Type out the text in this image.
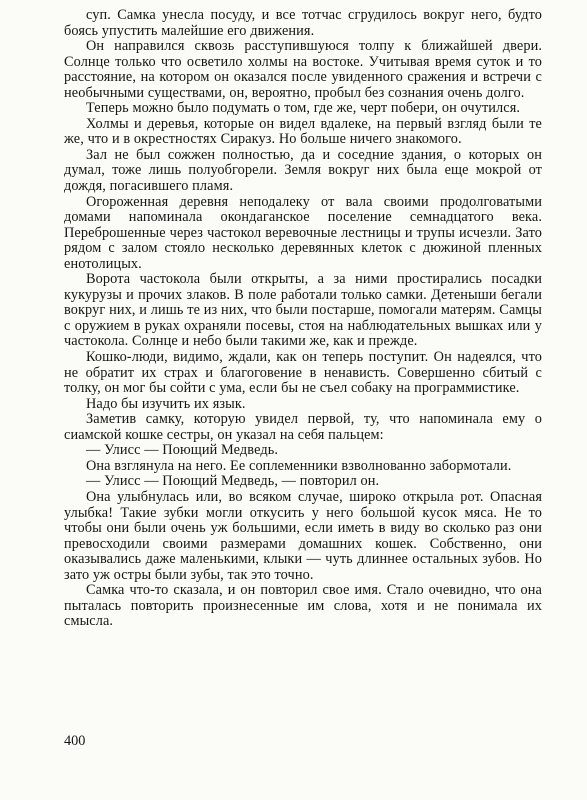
суп. Самка унесла посуду, и все тотчас сгрудилось вокруг него, будто боясь упустить малейшие его движения.

Он направился сквозь расступившуюся толпу к ближайшей двери. Солнце только что осветило холмы на востоке. Учитывая время суток и то расстояние, на котором он оказался после увиденного сражения и встречи с необычными существами, он, вероятно, пробыл без сознания очень долго.

Теперь можно было подумать о том, где же, черт побери, он очутился.

Холмы и деревья, которые он видел вдалеке, на первый взгляд были те же, что и в окрестностях Сиракуз. Но больше ничего знакомого.

Зал не был сожжен полностью, да и соседние здания, о которых он думал, тоже лишь полуобгорели. Земля вокруг них была еще мокрой от дождя, погасившего пламя.

Огороженная деревня неподалеку от вала своими продолговатыми домами напоминала окондаганское поселение семнадцатого века. Переброшенные через частокол веревочные лестницы и трупы исчезли. Зато рядом с залом стояло несколько деревянных клеток с дюжиной пленных енотолицых.

Ворота частокола были открыты, а за ними простирались посадки кукурузы и прочих злаков. В поле работали только самки. Детеныши бегали вокруг них, и лишь те из них, что были постарше, помогали матерям. Самцы с оружием в руках охраняли посевы, стоя на наблюдательных вышках или у частокола. Солнце и небо были такими же, как и прежде.

Кошко-люди, видимо, ждали, как он теперь поступит. Он надеялся, что не обратит их страх и благоговение в ненависть. Совершенно сбитый с толку, он мог бы сойти с ума, если бы не съел собаку на программистике.

Надо бы изучить их язык.

Заметив самку, которую увидел первой, ту, что напоминала ему о сиамской кошке сестры, он указал на себя пальцем:

— Улисс — Поющий Медведь.

Она взглянула на него. Ее соплеменники взволнованно забормотали.

— Улисс — Поющий Медведь, — повторил он.

Она улыбнулась или, во всяком случае, широко открыла рот. Опасная улыбка! Такие зубки могли откусить у него большой кусок мяса. Не то чтобы они были очень уж большими, если иметь в виду во сколько раз они превосходили своими размерами домашних кошек. Собственно, они оказывались даже маленькими, клыки — чуть длиннее остальных зубов. Но зато уж остры были зубы, так это точно.

Самка что-то сказала, и он повторил свое имя. Стало очевидно, что она пыталась повторить произнесенные им слова, хотя и не понимала их смысла.

400
